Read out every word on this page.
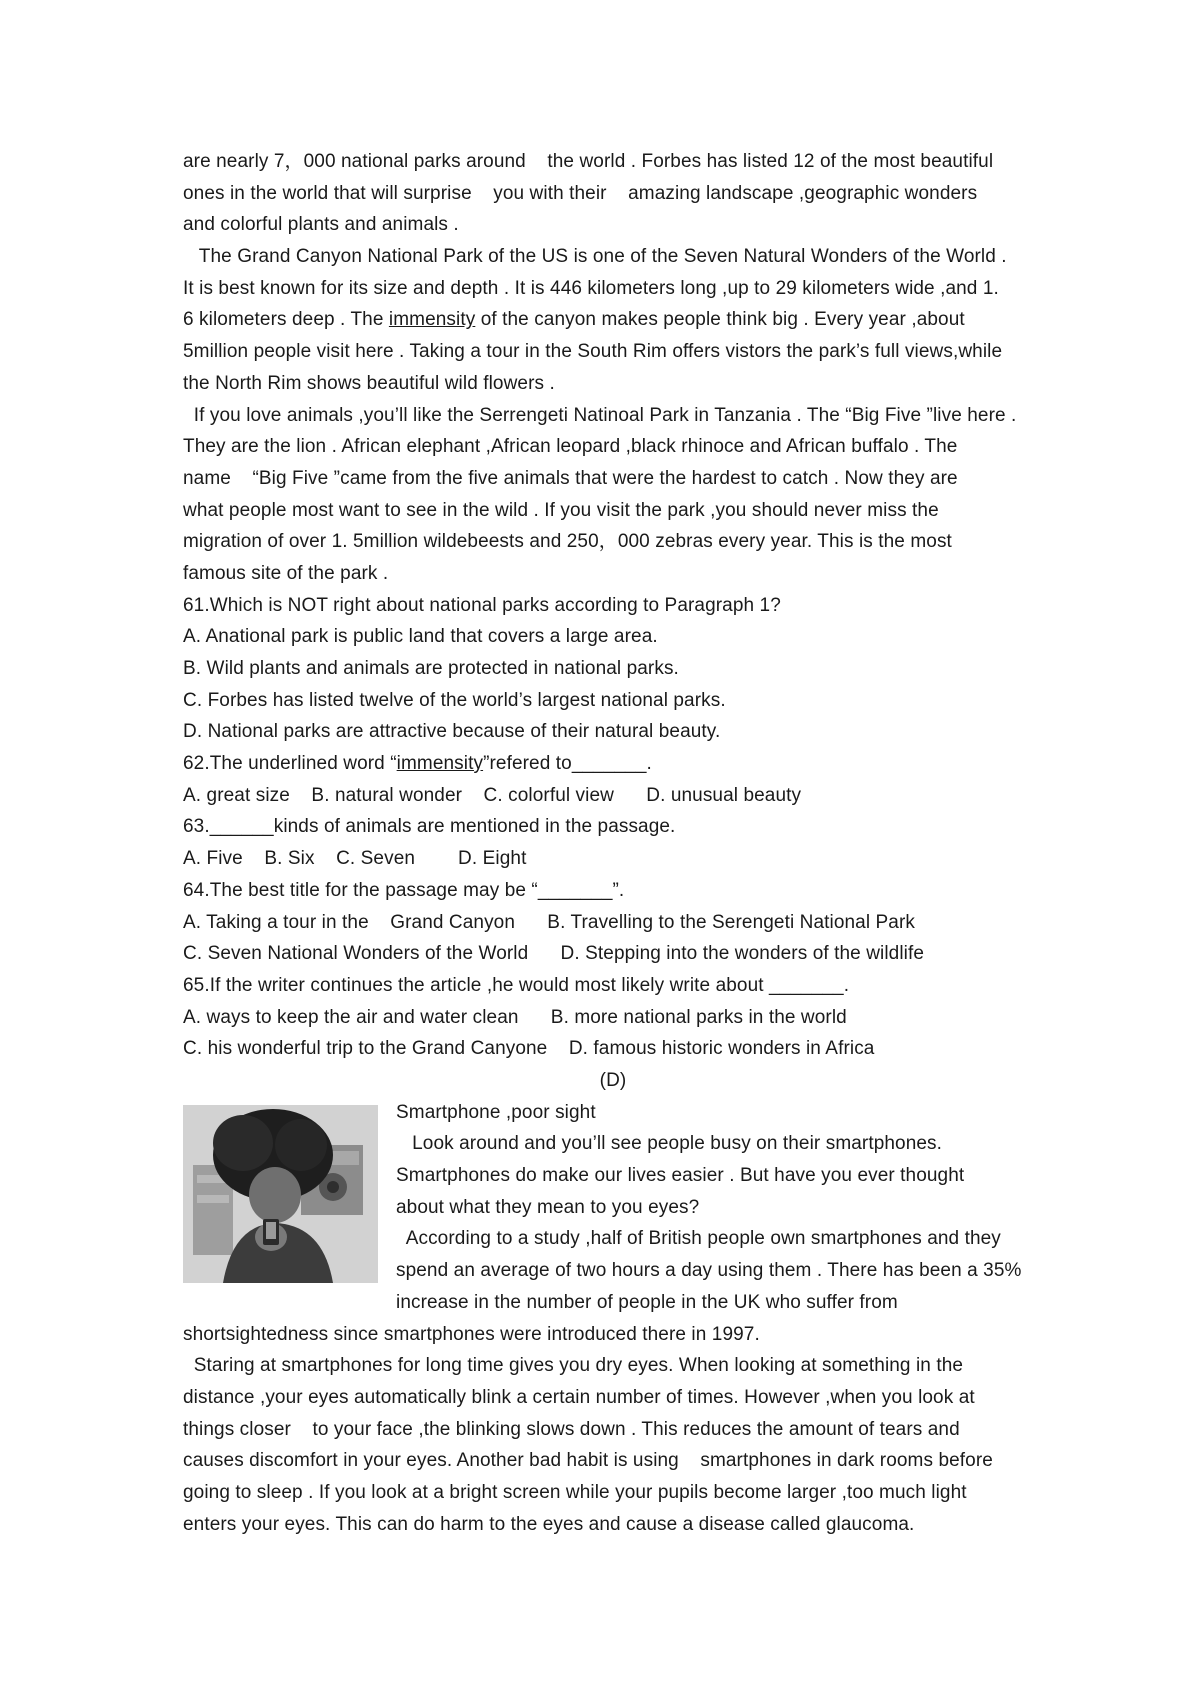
are nearly 7，000 national parks around    the world . Forbes has listed 12 of the most beautiful
ones in the world that will surprise    you with their    amazing landscape ,geographic wonders
and colorful plants and animals .
The Grand Canyon National Park of the US is one of the Seven Natural Wonders of the World .
It is best known for its size and depth . It is 446 kilometers long ,up to 29 kilometers wide ,and 1.
6 kilometers deep . The immensity of the canyon makes people think big . Every year ,about
5million people visit here . Taking a tour in the South Rim offers vistors the park’s full views,while
the North Rim shows beautiful wild flowers .
If you love animals ,you’ll like the Serrengeti Natinoal Park in Tanzania . The “Big Five ”live here .
They are the lion . African elephant ,African leopard ,black rhinoce and African buffalo . The
name    “Big Five ”came from the five animals that were the hardest to catch . Now they are
what people most want to see in the wild . If you visit the park ,you should never miss the
migration of over 1. 5million wildebeests and 250，000 zebras every year. This is the most
famous site of the park .
61.Which is NOT right about national parks according to Paragraph 1?
A. Anational park is public land that covers a large area.
B. Wild plants and animals are protected in national parks.
C. Forbes has listed twelve of the world’s largest national parks.
D. National parks are attractive because of their natural beauty.
62.The underlined word “immensity”refered to_______.
A. great size    B. natural wonder    C. colorful view      D. unusual beauty
63.______kinds of animals are mentioned in the passage.
A. Five    B. Six    C. Seven        D. Eight
64.The best title for the passage may be “_______”.
A. Taking a tour in the    Grand Canyon      B. Travelling to the Serengeti National Park
C. Seven National Wonders of the World      D. Stepping into the wonders of the wildlife
65.If the writer continues the article ,he would most likely write about _______.
A. ways to keep the air and water clean      B. more national parks in the world
C. his wonderful trip to the Grand Canyone    D. famous historic wonders in Africa
(D)
Smartphone ,poor sight
Look around and you’ll see people busy on their smartphones.
Smartphones do make our lives easier . But have you ever thought
about what they mean to you eyes?
According to a study ,half of British people own smartphones and they
spend an average of two hours a day using them . There has been a 35%
increase in the number of people in the UK who suffer from
shortsightedness since smartphones were introduced there in 1997.
Staring at smartphones for long time gives you dry eyes. When looking at something in the
distance ,your eyes automatically blink a certain number of times. However ,when you look at
things closer    to your face ,the blinking slows down . This reduces the amount of tears and
causes discomfort in your eyes. Another bad habit is using    smartphones in dark rooms before
going to sleep . If you look at a bright screen while your pupils become larger ,too much light
enters your eyes. This can do harm to the eyes and cause a disease called glaucoma.
